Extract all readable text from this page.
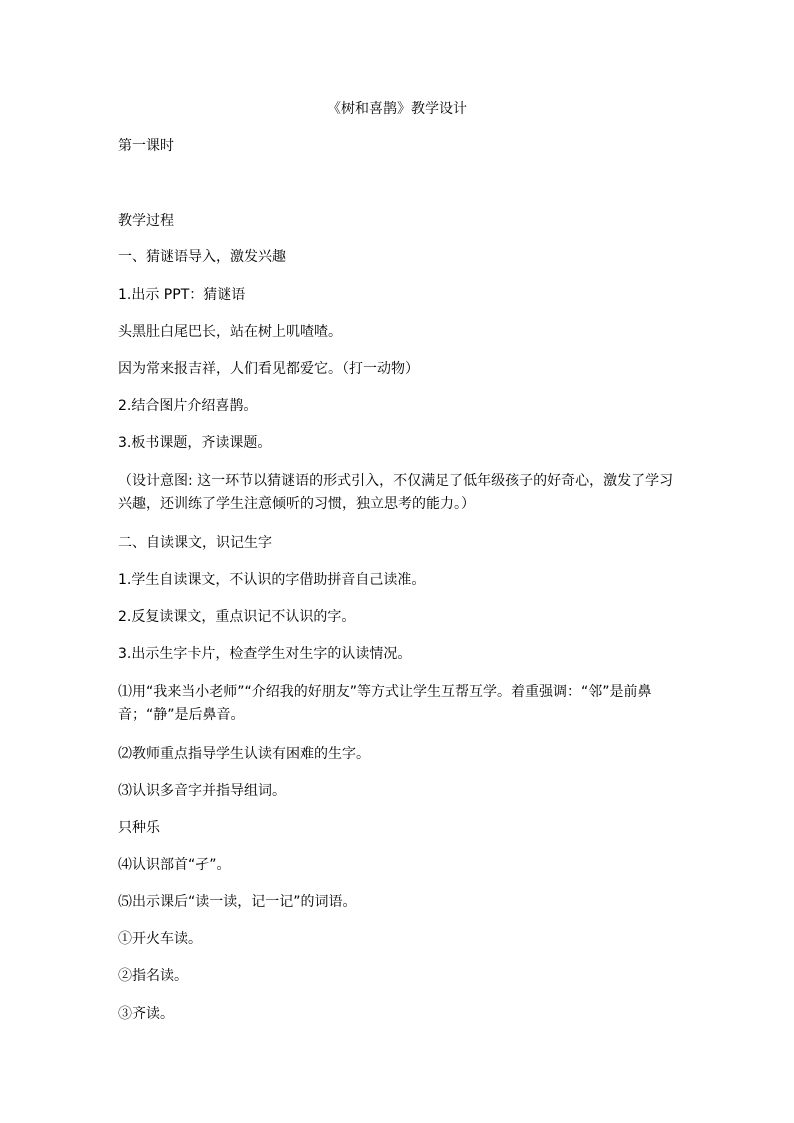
《树和喜鹊》教学设计

第一课时

教学过程

一、猜谜语导入，激发兴趣

1.出示 PPT：猜谜语

头黑肚白尾巴长，站在树上叽喳喳。

因为常来报吉祥，人们看见都爱它。（打一动物）

2.结合图片介绍喜鹊。

3.板书课题，齐读课题。

（设计意图: 这一环节以猜谜语的形式引入，不仅满足了低年级孩子的好奇心，激发了学习兴趣，还训练了学生注意倾听的习惯，独立思考的能力。）

二、自读课文，识记生字

1.学生自读课文，不认识的字借助拼音自己读准。

2.反复读课文，重点识记不认识的字。

3.出示生字卡片，检查学生对生字的认读情况。

⑴用“我来当小老师”“介绍我的好朋友”等方式让学生互帮互学。着重强调：“邻”是前鼻音；“静”是后鼻音。

⑵教师重点指导学生认读有困难的生字。

⑶认识多音字并指导组词。

只种乐

⑷认识部首“孑”。

⑸出示课后“读一读，记一记”的词语。

①开火车读。

②指名读。

③齐读。
